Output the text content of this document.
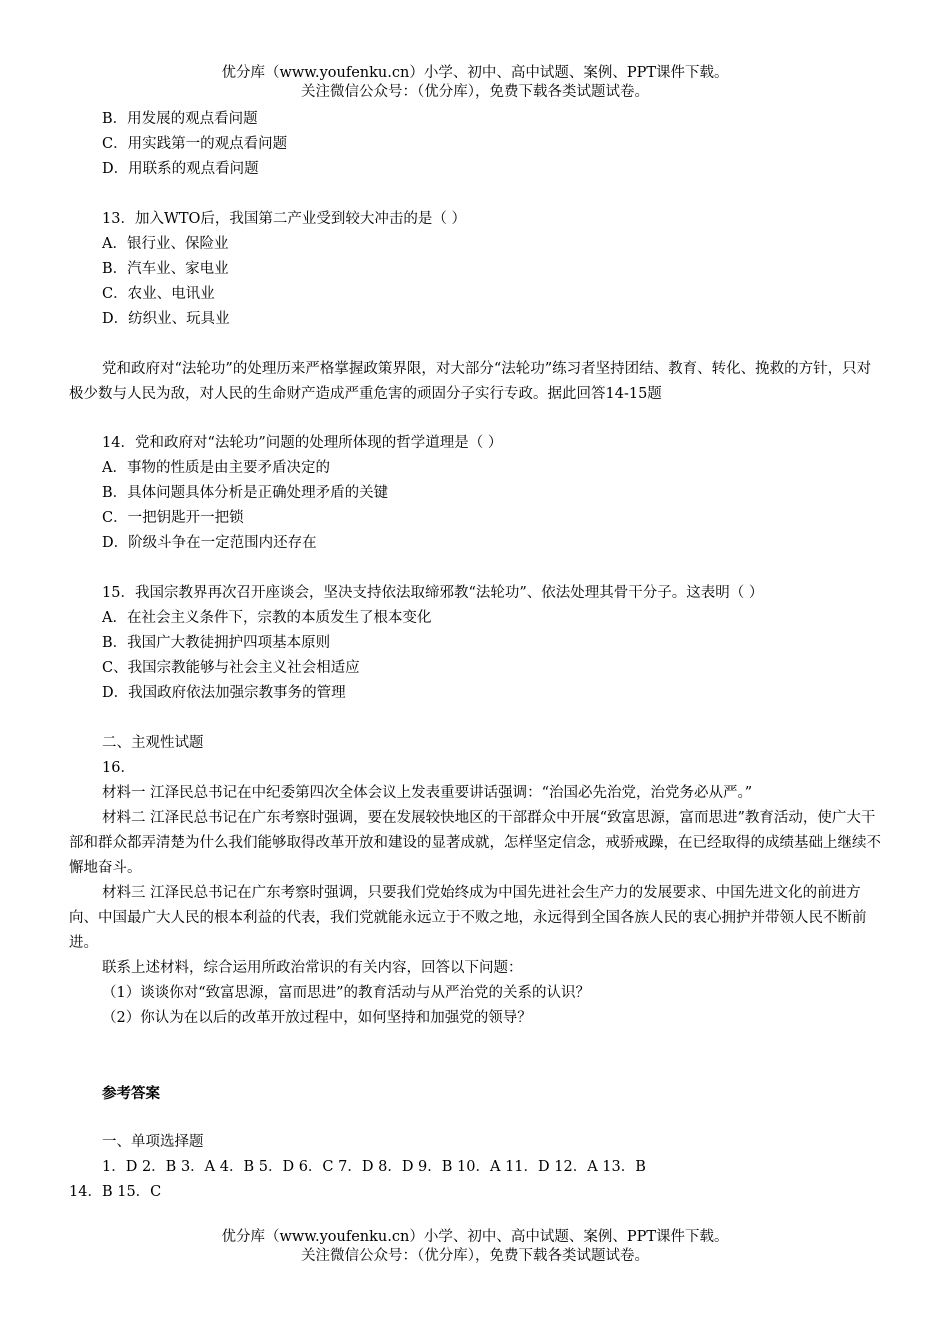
优分库（www.youfenku.cn）小学、初中、高中试题、案例、PPT课件下载。
关注微信公众号：（优分库），免费下载各类试题试卷。
B．用发展的观点看问题
C．用实践第一的观点看问题
D．用联系的观点看问题
13．加入WTO后，我国第二产业受到较大冲击的是（ ）
A．银行业、保险业
B．汽车业、家电业
C．农业、电讯业
D．纺织业、玩具业
党和政府对“法轮功”的处理历来严格掌握政策界限，对大部分“法轮功”练习者坚持团结、教育、转化、挽救的方针，只对极少数与人民为敌，对人民的生命财产造成严重危害的顽固分子实行专政。据此回答14-15题
14．党和政府对“法轮功”问题的处理所体现的哲学道理是（ ）
A．事物的性质是由主要矛盾决定的
B．具体问题具体分析是正确处理矛盾的关键
C．一把钥匙开一把锁
D．阶级斗争在一定范围内还存在
15．我国宗教界再次召开座谈会，坚决支持依法取缔邪教“法轮功”、依法处理其骨干分子。这表明（ ）
A．在社会主义条件下，宗教的本质发生了根本变化
B．我国广大教徒拥护四项基本原则
C、我国宗教能够与社会主义社会相适应
D．我国政府依法加强宗教事务的管理
二、主观性试题
16．
材料一 江泽民总书记在中纪委第四次全体会议上发表重要讲话强调：“治国必先治党，治党务必从严。”
材料二 江泽民总书记在广东考察时强调，要在发展较快地区的干部群众中开展“致富思源，富而思进”教育活动，使广大干部和群众都弄清楚为什么我们能够取得改革开放和建设的显著成就，怎样坚定信念，戒骄戒躁，在已经取得的成绩基础上继续不懈地奋斗。
材料三 江泽民总书记在广东考察时强调，只要我们党始终成为中国先进社会生产力的发展要求、中国先进文化的前进方向、中国最广大人民的根本利益的代表，我们党就能永远立于不败之地，永远得到全国各族人民的衷心拥护并带领人民不断前进。
联系上述材料，综合运用所政治常识的有关内容，回答以下问题：
（1）谈谈你对“致富思源，富而思进”的教育活动与从严治党的关系的认识？
（2）你认为在以后的改革开放过程中，如何坚持和加强党的领导？
参考答案
一、单项选择题
1．D 2．B 3．A 4．B 5．D 6．C 7．D 8．D 9．B 10．A 11．D 12．A 13．B
14．B 15．C
优分库（www.youfenku.cn）小学、初中、高中试题、案例、PPT课件下载。
关注微信公众号：（优分库），免费下载各类试题试卷。
